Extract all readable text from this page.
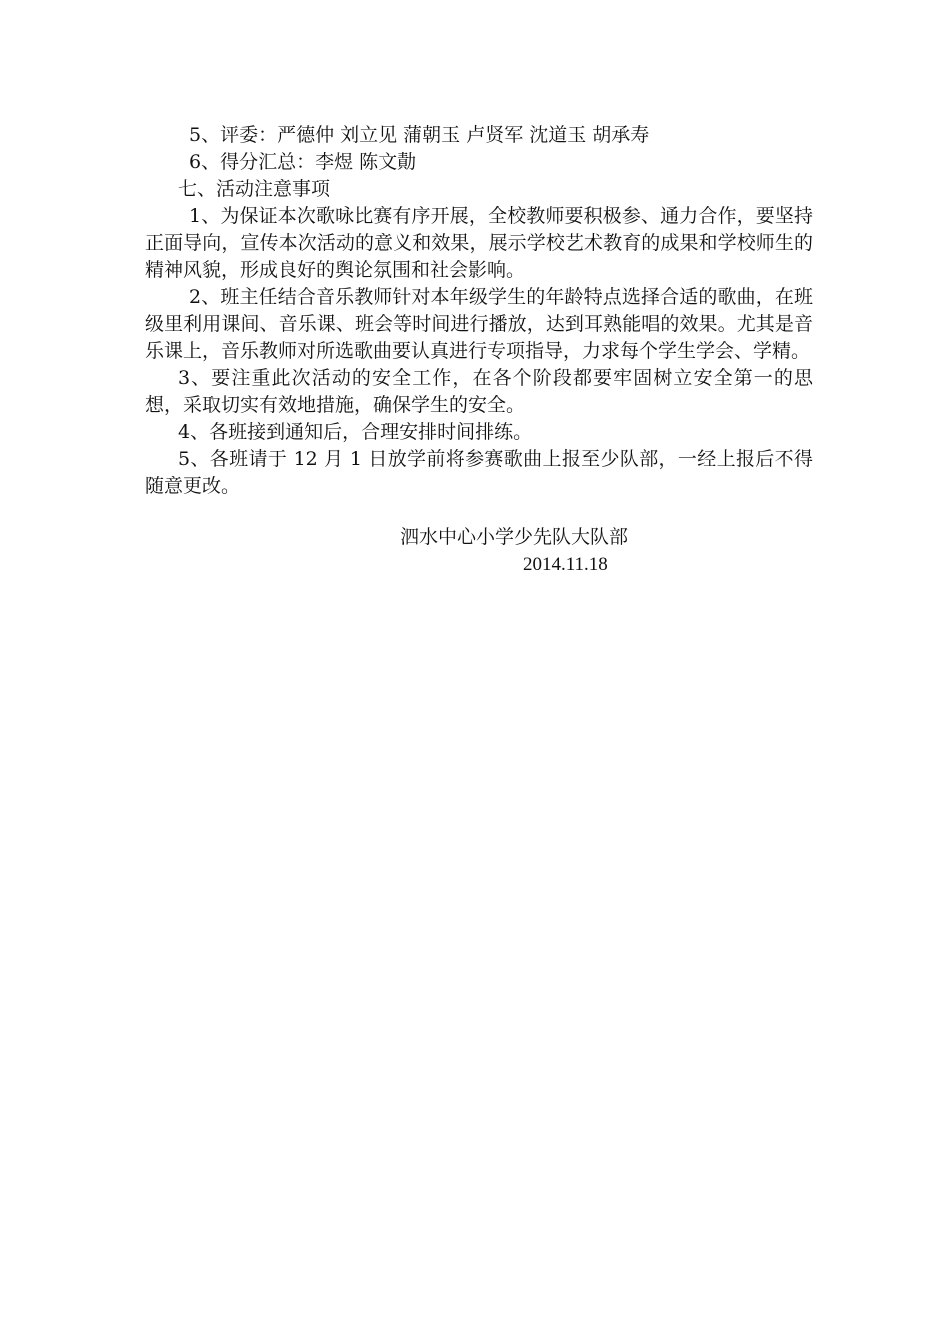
5、评委：严德仲 刘立见 蒲朝玉 卢贤军 沈道玉 胡承寿

6、得分汇总：李煜 陈文勣

七、活动注意事项

1、为保证本次歌咏比赛有序开展，全校教师要积极参、通力合作，要坚持正面导向，宣传本次活动的意义和效果，展示学校艺术教育的成果和学校师生的精神风貌，形成良好的舆论氛围和社会影响。

2、班主任结合音乐教师针对本年级学生的年龄特点选择合适的歌曲，在班级里利用课间、音乐课、班会等时间进行播放，达到耳熟能唱的效果。尤其是音乐课上，音乐教师对所选歌曲要认真进行专项指导，力求每个学生学会、学精。

3、要注重此次活动的安全工作，在各个阶段都要牢固树立安全第一的思想，采取切实有效地措施，确保学生的安全。

4、各班接到通知后，合理安排时间排练。

5、各班请于 12 月 1 日放学前将参赛歌曲上报至少队部，一经上报后不得随意更改。

泗水中心小学少先队大队部
2014.11.18
